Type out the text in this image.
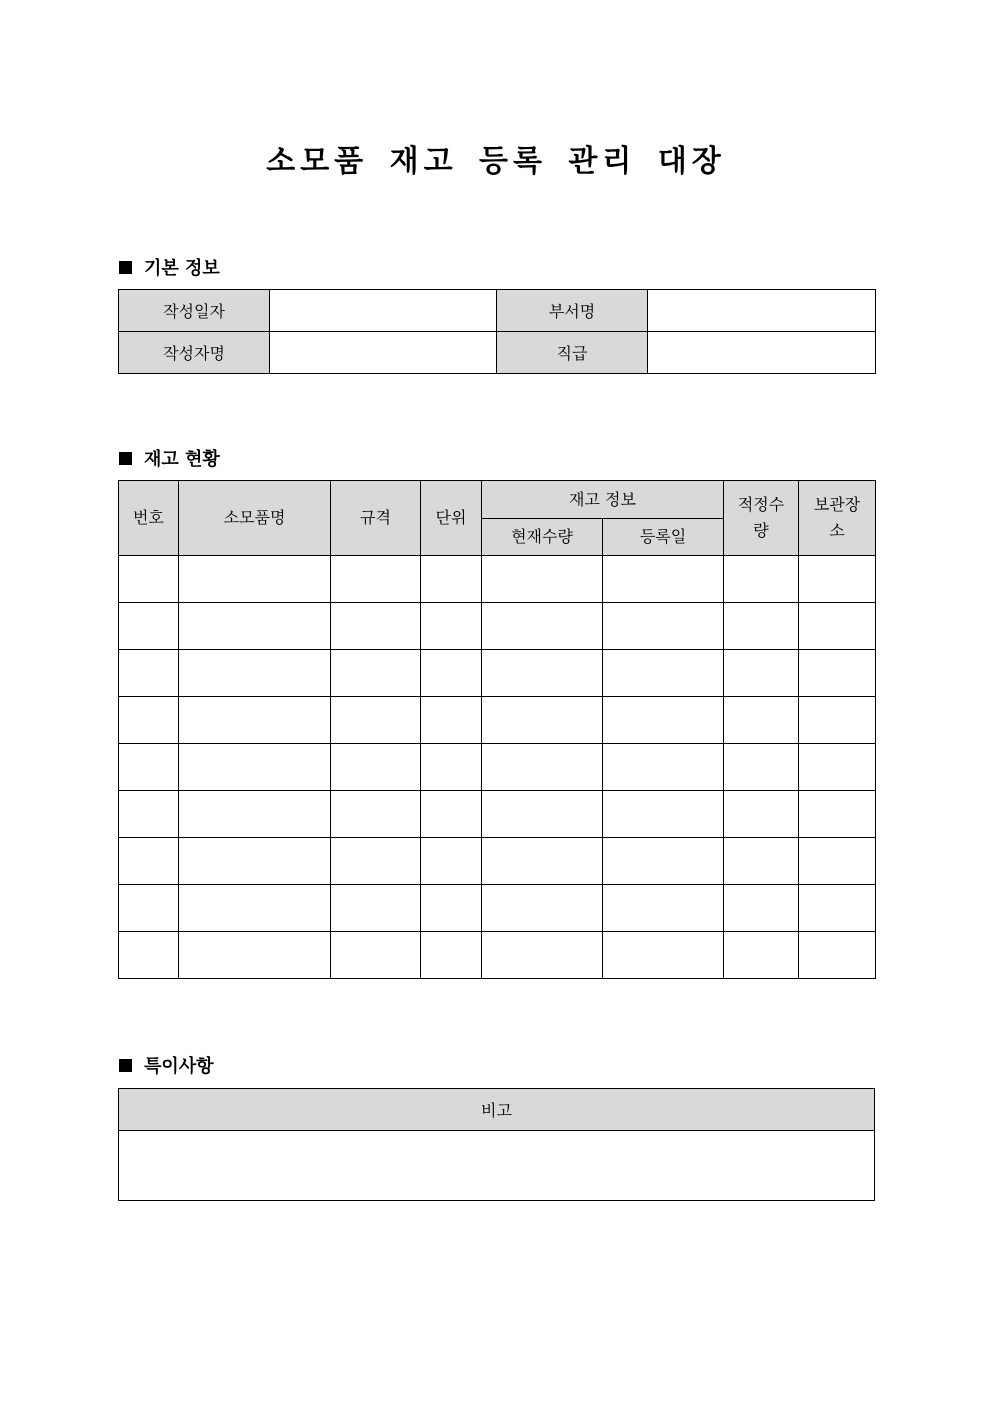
소모품 재고 등록 관리 대장
기본 정보
작성일자		부서명	
작성자명		직급	
재고 현황
번호	소모품명	규격	단위	재고 정보		적정수량	보관장소
				현재수량	등록일		

특이사항
비고
